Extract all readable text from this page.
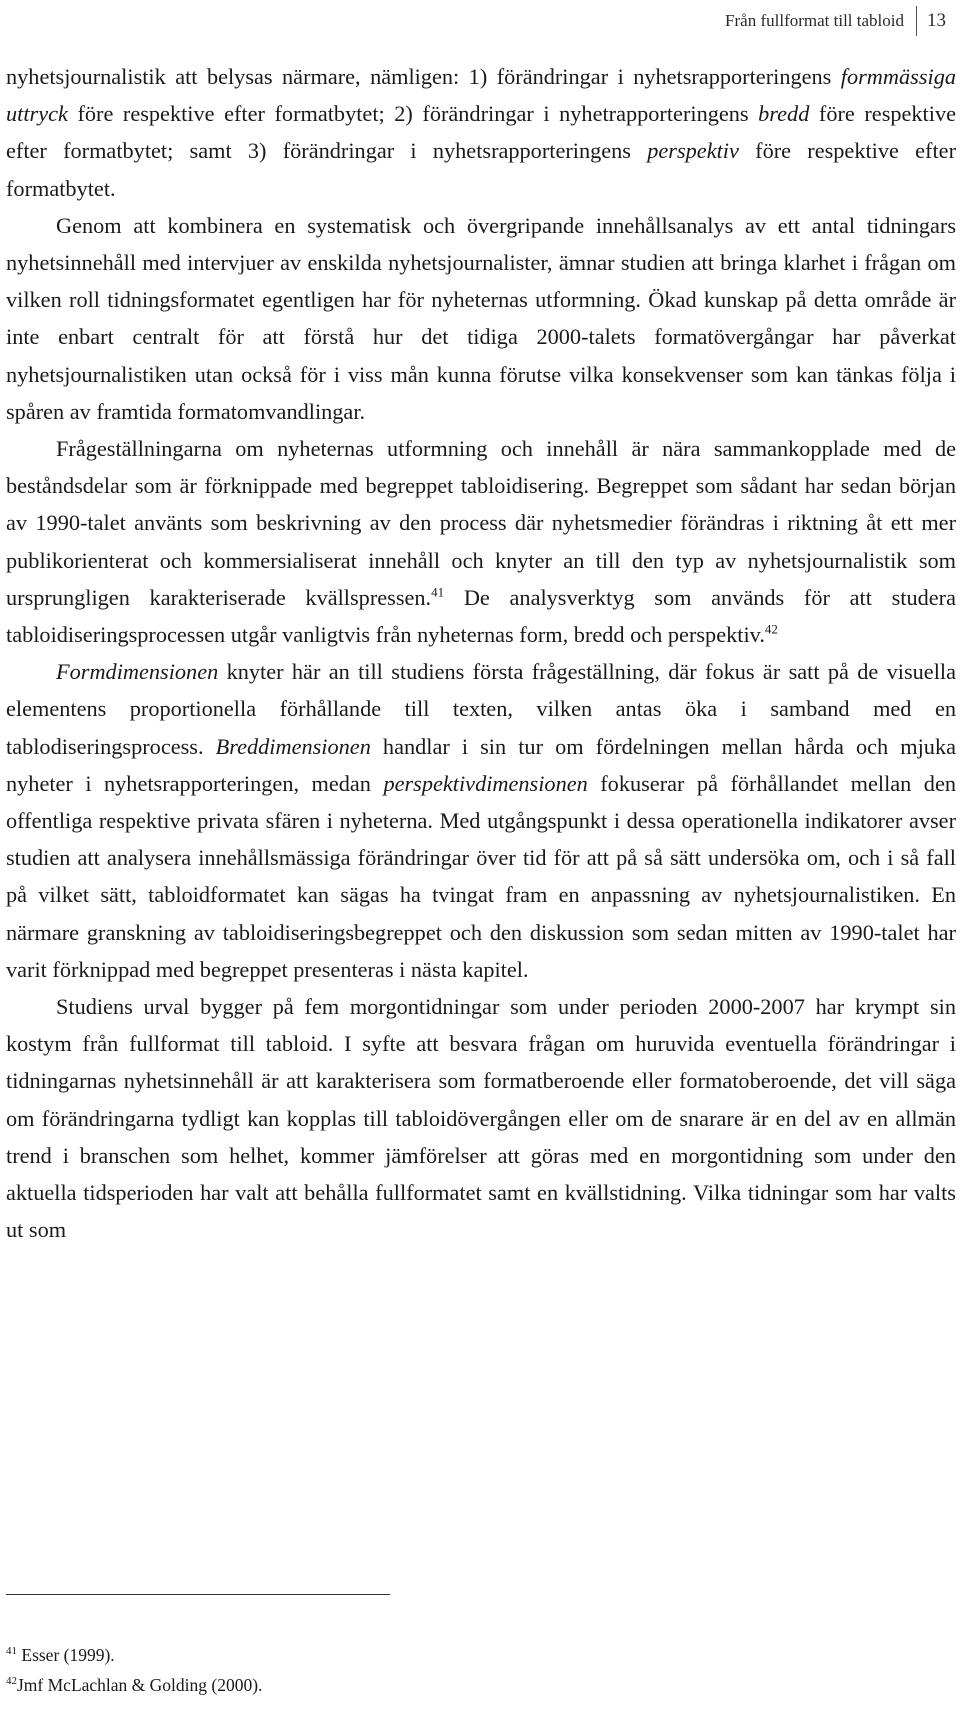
Från fullformat till tabloid	13

nyhetsjournalistik att belysas närmare, nämligen: 1) förändringar i nyhetsrapporteringens formmässiga uttryck före respektive efter formatbytet; 2) förändringar i nyhetrapporteringens bredd före respektive efter formatbytet; samt 3) förändringar i nyhetsrapporteringens perspektiv före respektive efter formatbytet.

Genom att kombinera en systematisk och övergripande innehållsanalys av ett antal tidningars nyhetsinnehåll med intervjuer av enskilda nyhetsjournalister, ämnar studien att bringa klarhet i frågan om vilken roll tidningsformatet egentligen har för nyheternas utformning. Ökad kunskap på detta område är inte enbart centralt för att förstå hur det tidiga 2000-talets formatövergångar har påverkat nyhetsjournalistiken utan också för i viss mån kunna förutse vilka konsekvenser som kan tänkas följa i spåren av framtida formatomvandlingar.

Frågeställningarna om nyheternas utformning och innehåll är nära sammankopplade med de beståndsdelar som är förknippade med begreppet tabloidisering. Begreppet som sådant har sedan början av 1990-talet använts som beskrivning av den process där nyhetsmedier förändras i riktning åt ett mer publikorienterat och kommersialiserat innehåll och knyter an till den typ av nyhetsjournalistik som ursprungligen karakteriserade kvällspressen.$^{41}$ De analysverktyg som används för att studera tabloidiseringsprocessen utgår vanligtvis från nyheternas form, bredd och perspektiv.$^{42}$

Formdimensionen knyter här an till studiens första frågeställning, där fokus är satt på de visuella elementens proportionella förhållande till texten, vilken antas öka i samband med en tablodiseringsprocess. Breddimensionen handlar i sin tur om fördelningen mellan hårda och mjuka nyheter i nyhetsrapporteringen, medan perspektivdimensionen fokuserar på förhållandet mellan den offentliga respektive privata sfären i nyheterna. Med utgångspunkt i dessa operationella indikatorer avser studien att analysera innehållsmässiga förändringar över tid för att på så sätt undersöka om, och i så fall på vilket sätt, tabloidformatet kan sägas ha tvingat fram en anpassning av nyhetsjournalistiken. En närmare granskning av tabloidiseringsbegreppet och den diskussion som sedan mitten av 1990-talet har varit förknippad med begreppet presenteras i nästa kapitel.

Studiens urval bygger på fem morgontidningar som under perioden 2000-2007 har krympt sin kostym från fullformat till tabloid. I syfte att besvara frågan om huruvida eventuella förändringar i tidningarnas nyhetsinnehåll är att karakterisera som formatberoende eller formatoberoende, det vill säga om förändringarna tydligt kan kopplas till tabloidövergången eller om de snarare är en del av en allmän trend i branschen som helhet, kommer jämförelser att göras med en morgontidning som under den aktuella tidsperioden har valt att behålla fullformatet samt en kvällstidning. Vilka tidningar som har valts ut som

$^{41}$ Esser (1999).
$^{42}$Jmf McLachlan & Golding (2000).
